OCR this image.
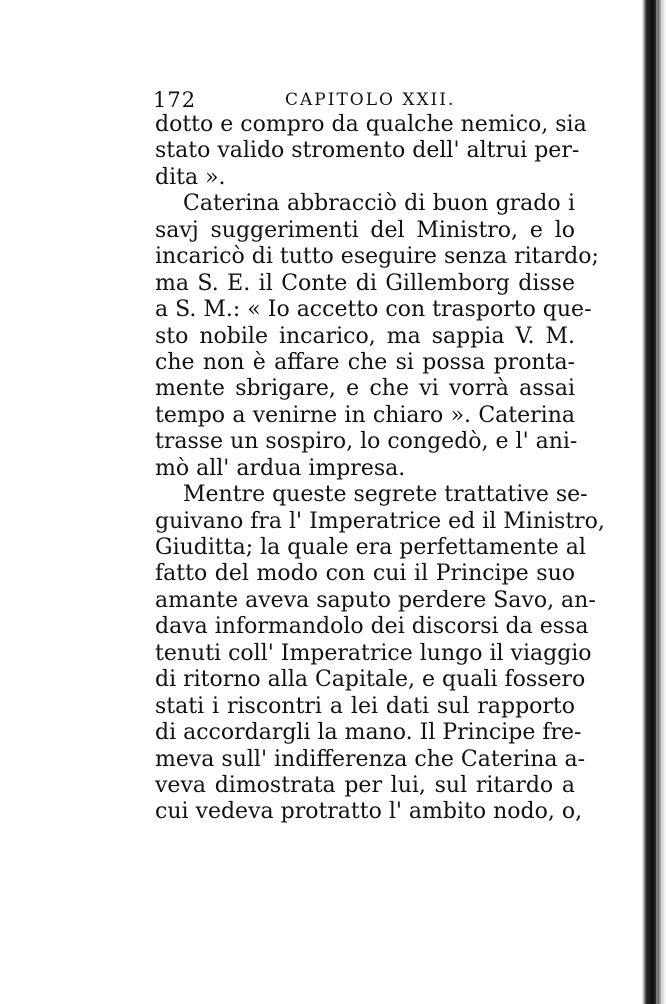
172	CAPITOLO XXII.
dotto e compro da qualche nemico, sia
stato valido stromento dell' altrui per-
dita ».
Caterina abbracciò di buon grado i
savj suggerimenti del Ministro, e lo
incaricò di tutto eseguire senza ritardo;
ma S. E. il Conte di Gillemborg disse
a S. M.: « Io accetto con trasporto que-
sto nobile incarico, ma sappia V. M.
che non è affare che si possa pronta-
mente sbrigare, e che vi vorrà assai
tempo a venirne in chiaro ». Caterina
trasse un sospiro, lo congedò, e l' ani-
mò all' ardua impresa.
Mentre queste segrete trattative se-
guivano fra l' Imperatrice ed il Ministro,
Giuditta; la quale era perfettamente al
fatto del modo con cui il Principe suo
amante aveva saputo perdere Savo, an-
dava informandolo dei discorsi da essa
tenuti coll' Imperatrice lungo il viaggio
di ritorno alla Capitale, e quali fossero
stati i riscontri a lei dati sul rapporto
di accordargli la mano. Il Principe fre-
meva sull' indifferenza che Caterina a-
veva dimostrata per lui, sul ritardo a
cui vedeva protratto l' ambito nodo, o,
